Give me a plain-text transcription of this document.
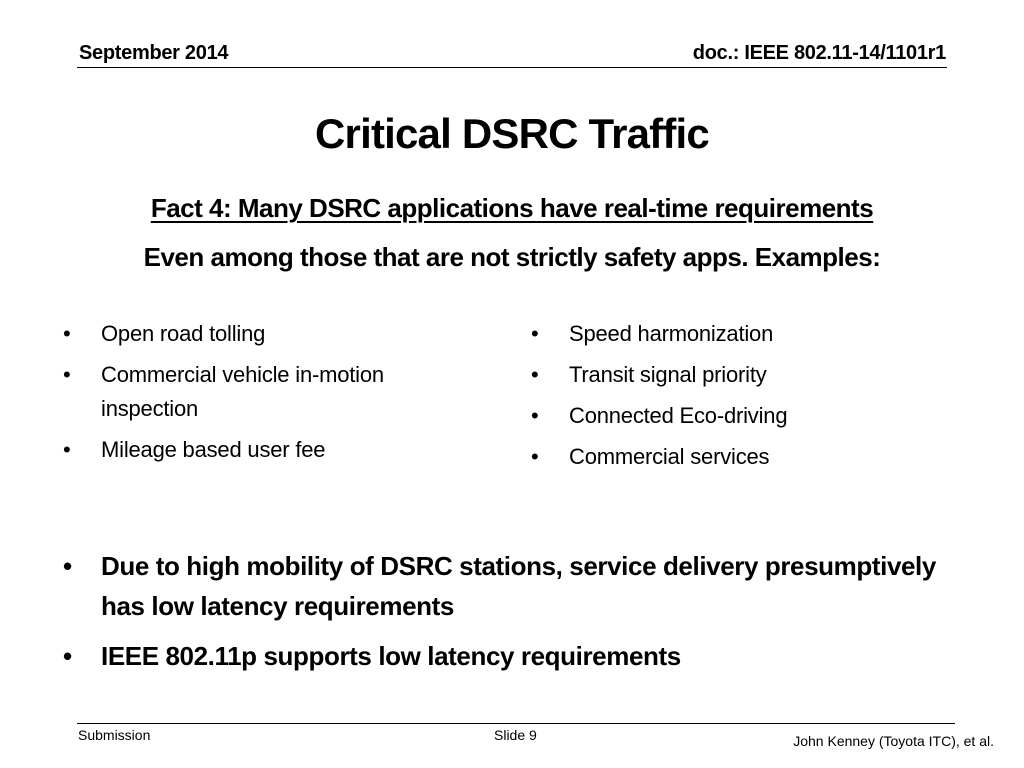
September 2014	doc.: IEEE 802.11-14/1101r1
Critical DSRC Traffic
Fact 4: Many DSRC applications have real-time requirements
Even among those that are not strictly safety apps. Examples:
• Open road tolling
• Commercial vehicle in-motion inspection
• Mileage based user fee
• Speed harmonization
• Transit signal priority
• Connected Eco-driving
• Commercial services
• Due to high mobility of DSRC stations, service delivery presumptively has low latency requirements
• IEEE 802.11p supports low latency requirements
Submission	Slide 9	John Kenney (Toyota ITC), et al.
